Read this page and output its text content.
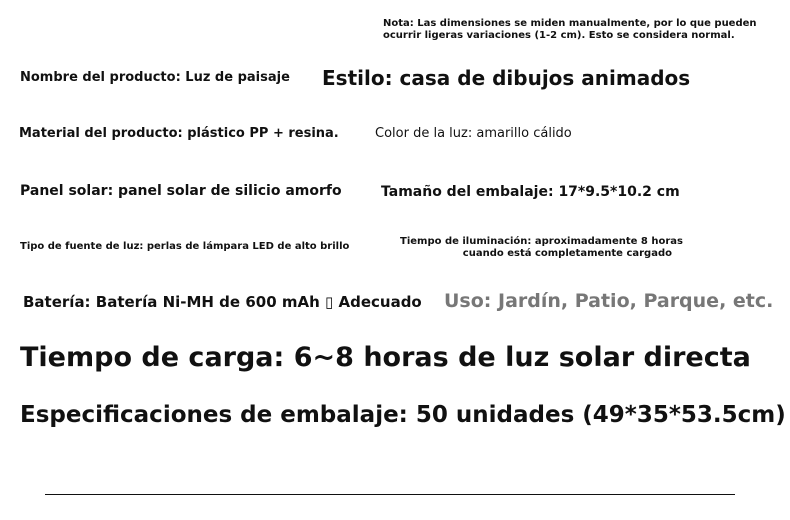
Nota: Las dimensiones se miden manualmente, por lo que pueden
ocurrir ligeras variaciones (1-2 cm). Esto se considera normal.
Nombre del producto: Luz de paisaje Estilo: casa de dibujos animados
Material del producto: plástico PP + resina.	Color de la luz: amarillo cálido
Panel solar: panel solar de silicio amorfo	Tamaño del embalaje: 17*9.5*10.2 cm
Tipo de fuente de luz: perlas de lámpara LED de alto brillo	Tiempo de iluminación: aproximadamente 8 horas
cuando está completamente cargado
Batería: Batería Ni-MH de 600 mAh ▯ Adecuado Uso: Jardín, Patio, Parque, etc.
Tiempo de carga: 6~8 horas de luz solar directa
Especificaciones de embalaje: 50 unidades (49*35*53.5cm)
